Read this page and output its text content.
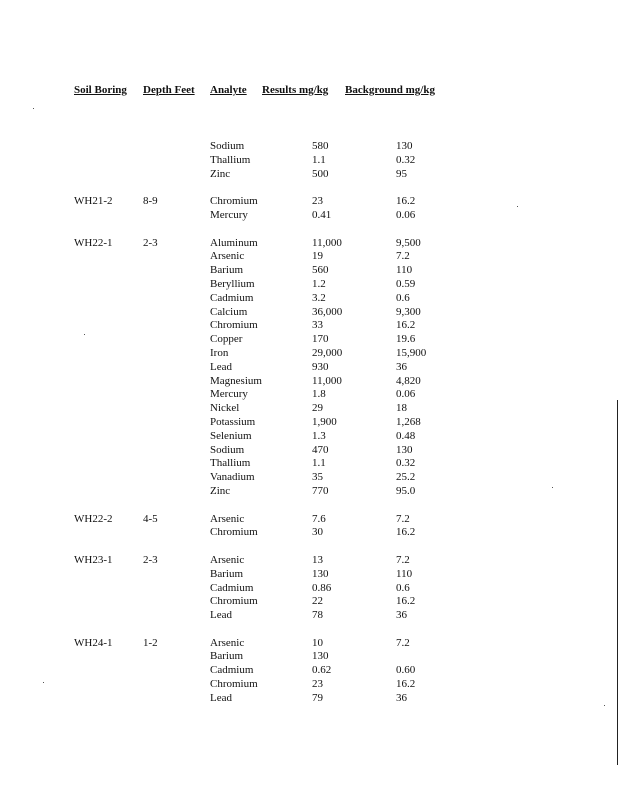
Soil Boring Depth Feet Analyte Results mg/kg Background mg/kg
Sodium	580	130
Thallium	1.1	0.32
Zinc	500	95
WH21-2	8-9	Chromium	23	16.2
Mercury	0.41	0.06
WH22-1	2-3	Aluminum	11,000	9,500
Arsenic	19	7.2
Barium	560	110
Beryllium	1.2	0.59
Cadmium	3.2	0.6
Calcium	36,000	9,300
Chromium	33	16.2
Copper	170	19.6
Iron	29,000	15,900
Lead	930	36
Magnesium	11,000	4,820
Mercury	1.8	0.06
Nickel	29	18
Potassium	1,900	1,268
Selenium	1.3	0.48
Sodium	470	130
Thallium	1.1	0.32
Vanadium	35	25.2
Zinc	770	95.0
WH22-2	4-5	Arsenic	7.6	7.2
Chromium	30	16.2
WH23-1	2-3	Arsenic	13	7.2
Barium	130	110
Cadmium	0.86	0.6
Chromium	22	16.2
Lead	78	36
WH24-1	1-2	Arsenic	10	7.2
Barium	130
Cadmium	0.62	0.60
Chromium	23	16.2
Lead	79	36
